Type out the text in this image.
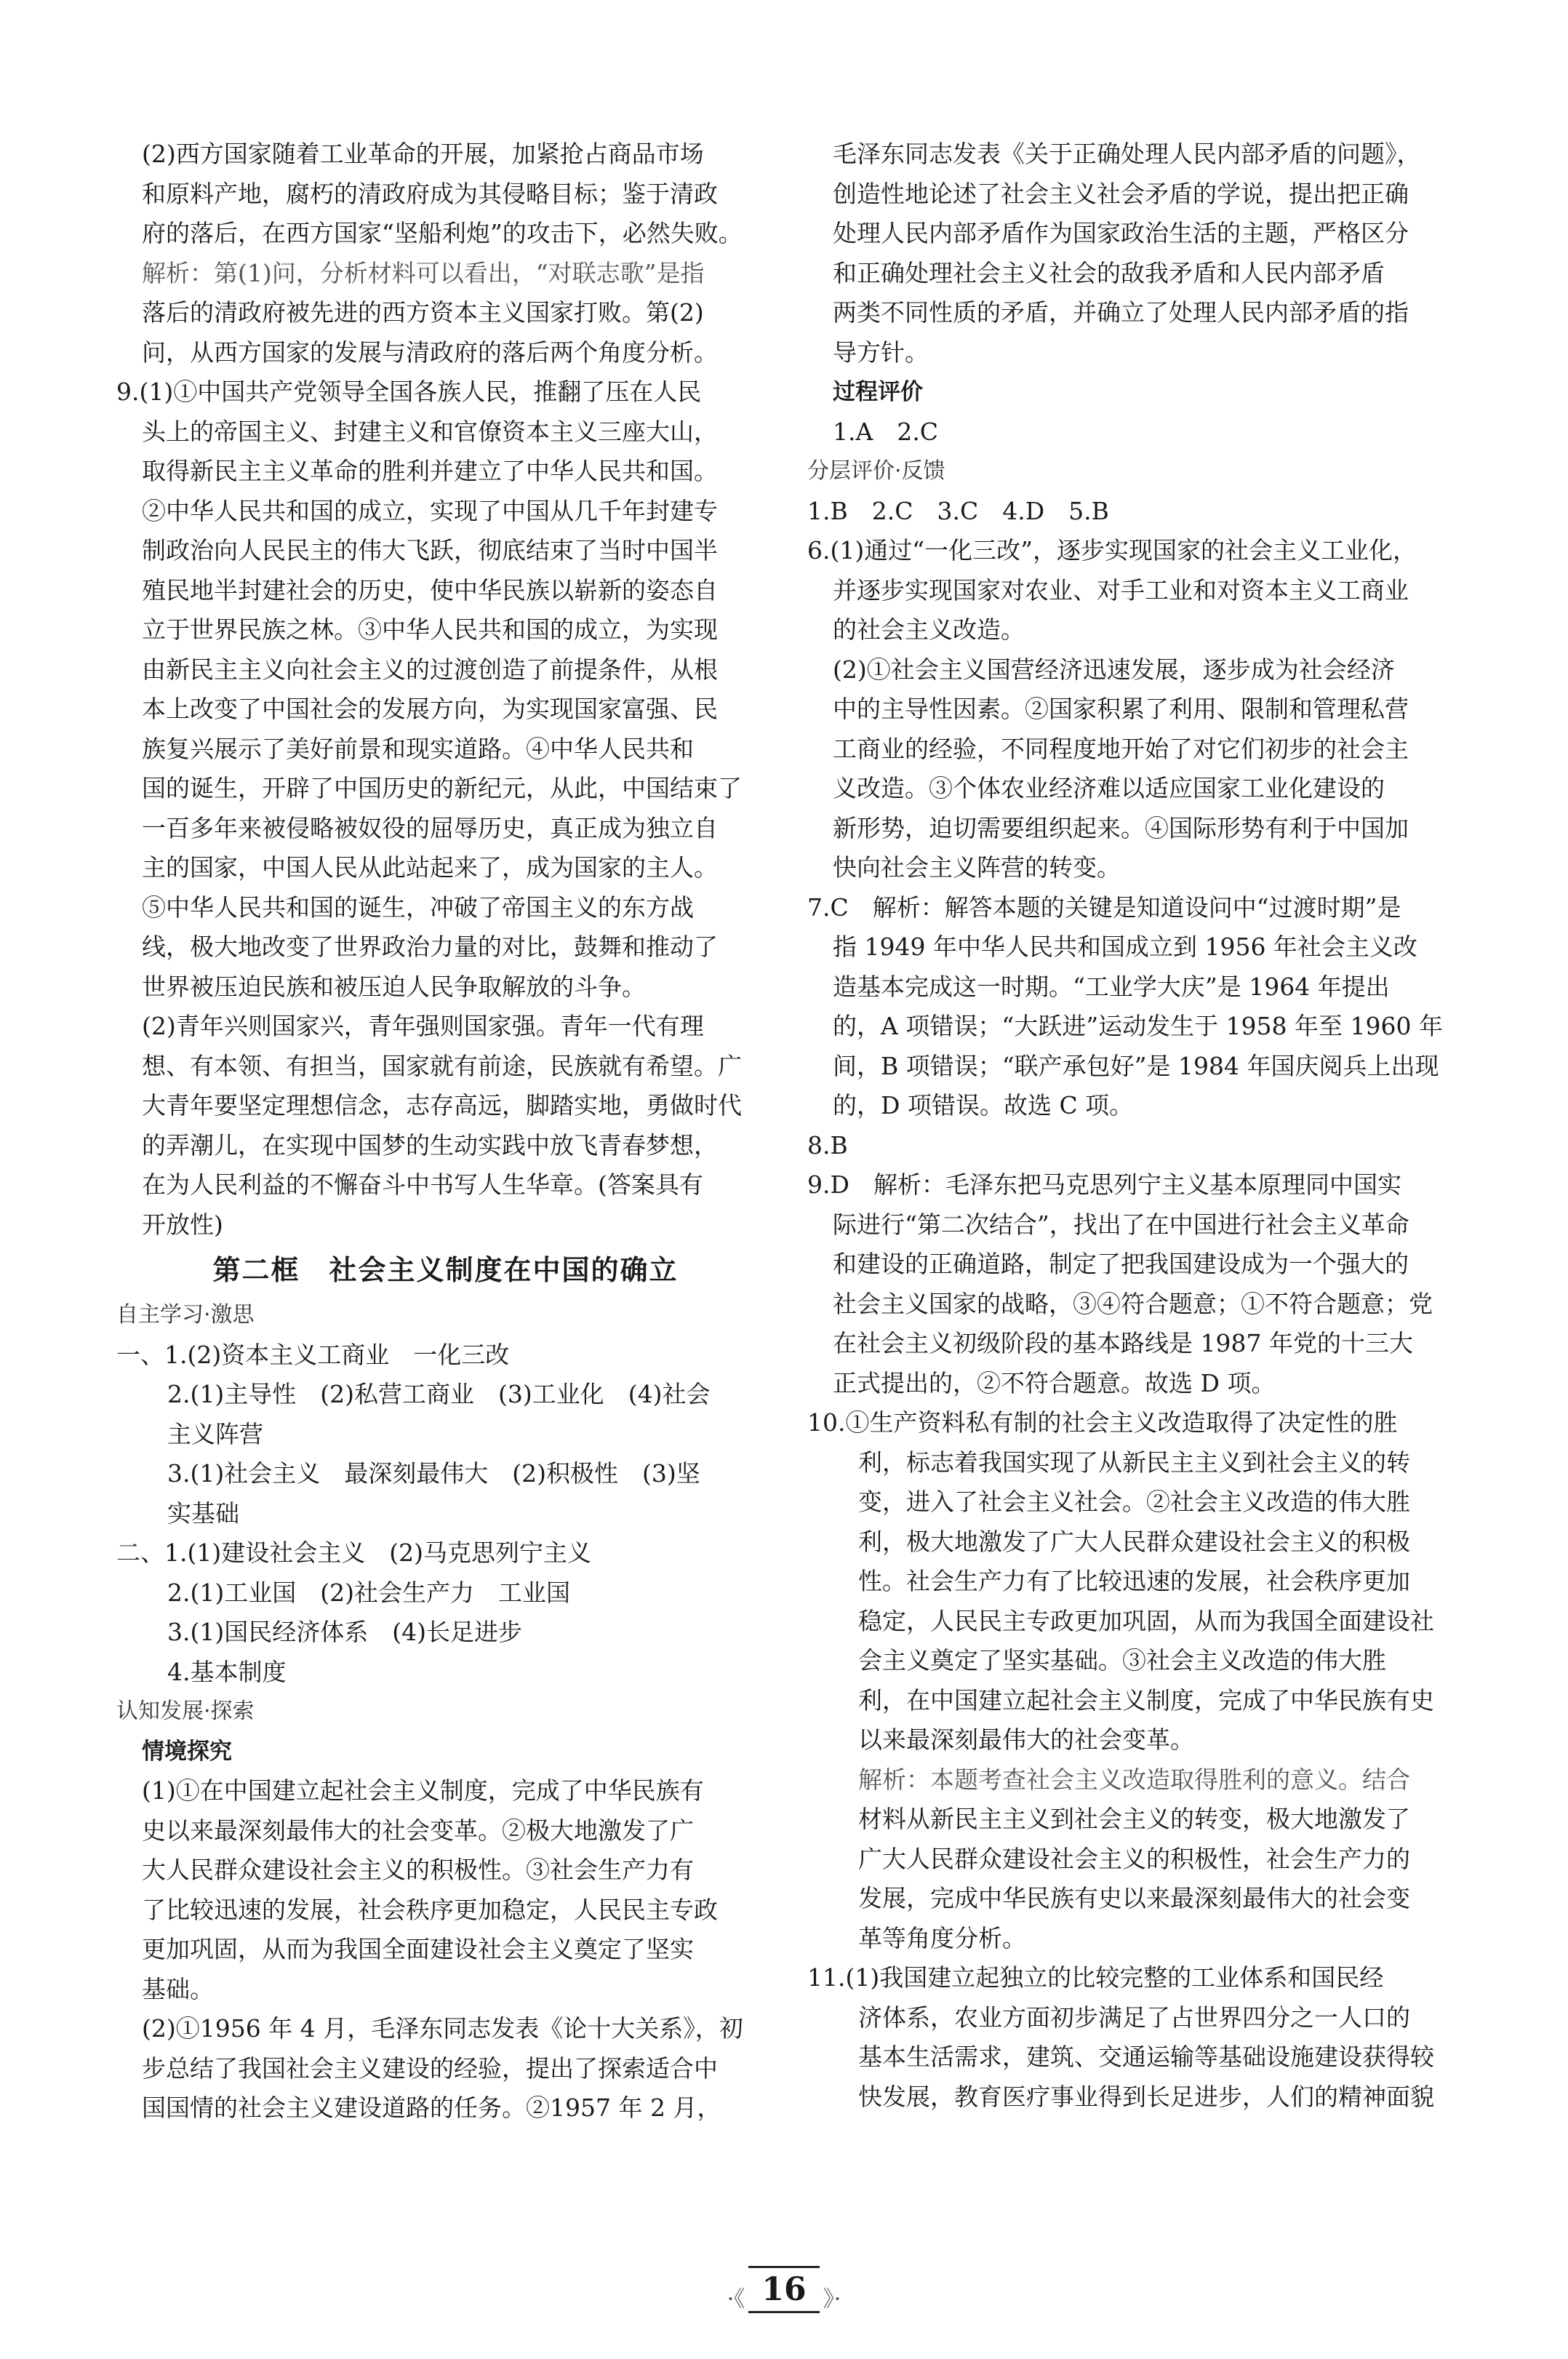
(2)西方国家随着工业革命的开展，加紧抢占商品市场
和原料产地，腐朽的清政府成为其侵略目标；鉴于清政
府的落后，在西方国家“坚船利炮”的攻击下，必然失败。
解析：第(1)问，分析材料可以看出，“对联志歌”是指
落后的清政府被先进的西方资本主义国家打败。第(2)
问，从西方国家的发展与清政府的落后两个角度分析。
9.(1)①中国共产党领导全国各族人民，推翻了压在人民
头上的帝国主义、封建主义和官僚资本主义三座大山，
取得新民主主义革命的胜利并建立了中华人民共和国。
②中华人民共和国的成立，实现了中国从几千年封建专
制政治向人民民主的伟大飞跃，彻底结束了当时中国半
殖民地半封建社会的历史，使中华民族以崭新的姿态自
立于世界民族之林。③中华人民共和国的成立，为实现
由新民主主义向社会主义的过渡创造了前提条件，从根
本上改变了中国社会的发展方向，为实现国家富强、民
族复兴展示了美好前景和现实道路。④中华人民共和
国的诞生，开辟了中国历史的新纪元，从此，中国结束了
一百多年来被侵略被奴役的屈辱历史，真正成为独立自
主的国家，中国人民从此站起来了，成为国家的主人。
⑤中华人民共和国的诞生，冲破了帝国主义的东方战
线，极大地改变了世界政治力量的对比，鼓舞和推动了
世界被压迫民族和被压迫人民争取解放的斗争。
(2)青年兴则国家兴，青年强则国家强。青年一代有理
想、有本领、有担当，国家就有前途，民族就有希望。广
大青年要坚定理想信念，志存高远，脚踏实地，勇做时代
的弄潮儿，在实现中国梦的生动实践中放飞青春梦想，
在为人民利益的不懈奋斗中书写人生华章。(答案具有
开放性)
第二框　社会主义制度在中国的确立
自主学习·激思
一、1.(2)资本主义工商业　一化三改
2.(1)主导性　(2)私营工商业　(3)工业化　(4)社会
主义阵营
3.(1)社会主义　最深刻最伟大　(2)积极性　(3)坚
实基础
二、1.(1)建设社会主义　(2)马克思列宁主义
2.(1)工业国　(2)社会生产力　工业国
3.(1)国民经济体系　(4)长足进步
4.基本制度
认知发展·探索
情境探究
(1)①在中国建立起社会主义制度，完成了中华民族有
史以来最深刻最伟大的社会变革。②极大地激发了广
大人民群众建设社会主义的积极性。③社会生产力有
了比较迅速的发展，社会秩序更加稳定，人民民主专政
更加巩固，从而为我国全面建设社会主义奠定了坚实
基础。
(2)①1956 年 4 月，毛泽东同志发表《论十大关系》，初
步总结了我国社会主义建设的经验，提出了探索适合中
国国情的社会主义建设道路的任务。②1957 年 2 月，
毛泽东同志发表《关于正确处理人民内部矛盾的问题》，
创造性地论述了社会主义社会矛盾的学说，提出把正确
处理人民内部矛盾作为国家政治生活的主题，严格区分
和正确处理社会主义社会的敌我矛盾和人民内部矛盾
两类不同性质的矛盾，并确立了处理人民内部矛盾的指
导方针。
过程评价
1.A　2.C
分层评价·反馈
1.B　2.C　3.C　4.D　5.B
6.(1)通过“一化三改”，逐步实现国家的社会主义工业化，
并逐步实现国家对农业、对手工业和对资本主义工商业
的社会主义改造。
(2)①社会主义国营经济迅速发展，逐步成为社会经济
中的主导性因素。②国家积累了利用、限制和管理私营
工商业的经验，不同程度地开始了对它们初步的社会主
义改造。③个体农业经济难以适应国家工业化建设的
新形势，迫切需要组织起来。④国际形势有利于中国加
快向社会主义阵营的转变。
7.C　解析：解答本题的关键是知道设问中“过渡时期”是
指 1949 年中华人民共和国成立到 1956 年社会主义改
造基本完成这一时期。“工业学大庆”是 1964 年提出
的，A 项错误；“大跃进”运动发生于 1958 年至 1960 年
间，B 项错误；“联产承包好”是 1984 年国庆阅兵上出现
的，D 项错误。故选 C 项。
8.B
9.D　解析：毛泽东把马克思列宁主义基本原理同中国实
际进行“第二次结合”，找出了在中国进行社会主义革命
和建设的正确道路，制定了把我国建设成为一个强大的
社会主义国家的战略，③④符合题意；①不符合题意；党
在社会主义初级阶段的基本路线是 1987 年党的十三大
正式提出的，②不符合题意。故选 D 项。
10.①生产资料私有制的社会主义改造取得了决定性的胜
利，标志着我国实现了从新民主主义到社会主义的转
变，进入了社会主义社会。②社会主义改造的伟大胜
利，极大地激发了广大人民群众建设社会主义的积极
性。社会生产力有了比较迅速的发展，社会秩序更加
稳定，人民民主专政更加巩固，从而为我国全面建设社
会主义奠定了坚实基础。③社会主义改造的伟大胜
利，在中国建立起社会主义制度，完成了中华民族有史
以来最深刻最伟大的社会变革。
解析：本题考查社会主义改造取得胜利的意义。结合
材料从新民主主义到社会主义的转变，极大地激发了
广大人民群众建设社会主义的积极性，社会生产力的
发展，完成中华民族有史以来最深刻最伟大的社会变
革等角度分析。
11.(1)我国建立起独立的比较完整的工业体系和国民经
济体系，农业方面初步满足了占世界四分之一人口的
基本生活需求，建筑、交通运输等基础设施建设获得较
快发展，教育医疗事业得到长足进步，人们的精神面貌
·《 16 》·
